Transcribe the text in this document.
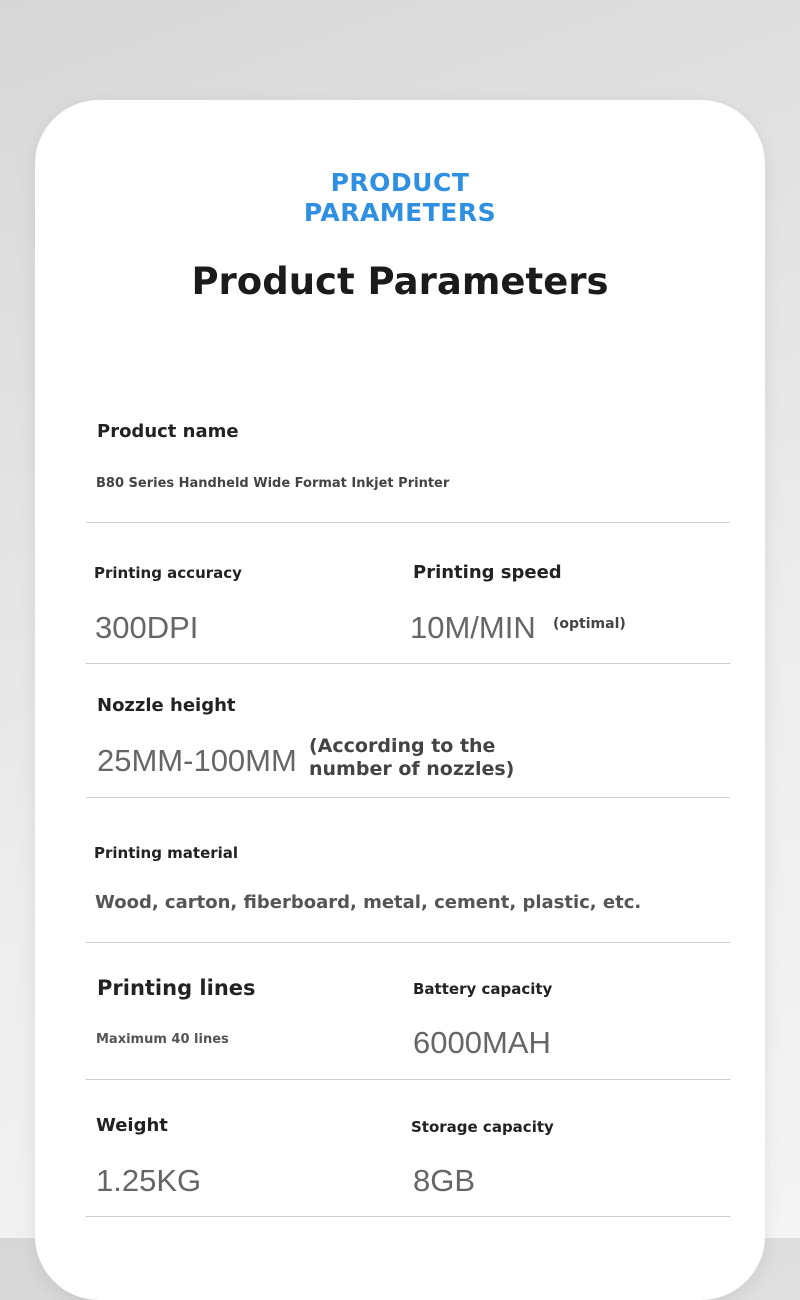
PRODUCT
PARAMETERS
Product Parameters
Product name
B80 Series Handheld Wide Format Inkjet Printer
Printing accuracy
300DPI
Printing speed
10M/MIN (optimal)
Nozzle height
25MM-100MM (According to the
number of nozzles)
Printing material
Wood, carton, fiberboard, metal, cement, plastic, etc.
Printing lines
Maximum 40 lines
Battery capacity
6000MAH
Weight
1.25KG
Storage capacity
8GB
